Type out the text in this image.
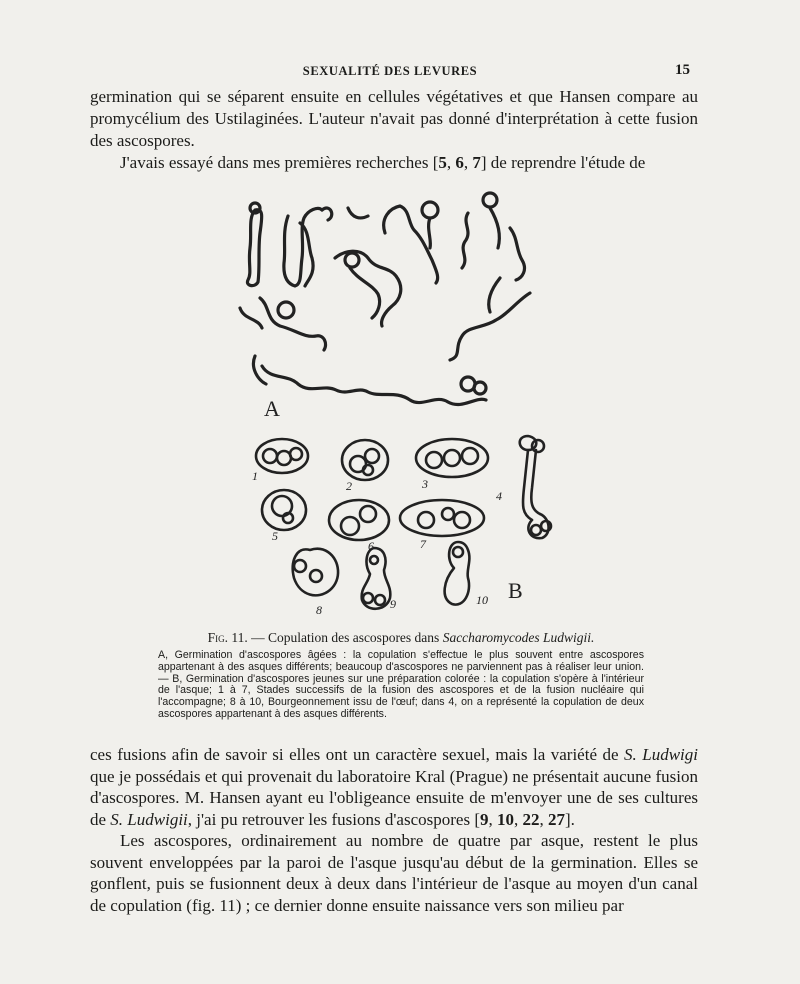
SEXUALITÉ DES LEVURES	15

germination qui se séparent ensuite en cellules végétatives et que Hansen compare au promycélium des Ustilaginées. L'auteur n'avait pas donné d'interprétation à cette fusion des ascospores.

J'avais essayé dans mes premières recherches [5, 6, 7] de reprendre l'étude de

A
B
1
2	3
4
5
6	7
8	9	10
Fig. 11. — Copulation des ascospores dans Saccharomycodes Ludwigii.
A, Germination d'ascospores âgées : la copulation s'effectue le plus souvent entre ascospores appartenant à des asques différents; beaucoup d'ascospores ne parviennent pas à réaliser leur union. — B, Germination d'ascospores jeunes sur une préparation colorée : la copulation s'opère à l'intérieur de l'asque; 1 à 7, Stades successifs de la fusion des ascospores et de la fusion nucléaire qui l'accompagne; 8 à 10, Bourgeonnement issu de l'œuf; dans 4, on a représenté la copulation de deux ascospores appartenant à des asques différents.

ces fusions afin de savoir si elles ont un caractère sexuel, mais la variété de S. Ludwigi que je possédais et qui provenait du laboratoire Kral (Prague) ne présentait aucune fusion d'ascospores. M. Hansen ayant eu l'obligeance ensuite de m'envoyer une de ses cultures de S. Ludwigii, j'ai pu retrouver les fusions d'ascospores [9, 10, 22, 27].

Les ascospores, ordinairement au nombre de quatre par asque, restent le plus souvent enveloppées par la paroi de l'asque jusqu'au début de la germination. Elles se gonflent, puis se fusionnent deux à deux dans l'intérieur de l'asque au moyen d'un canal de copulation (fig. 11) ; ce dernier donne ensuite naissance vers son milieu par
